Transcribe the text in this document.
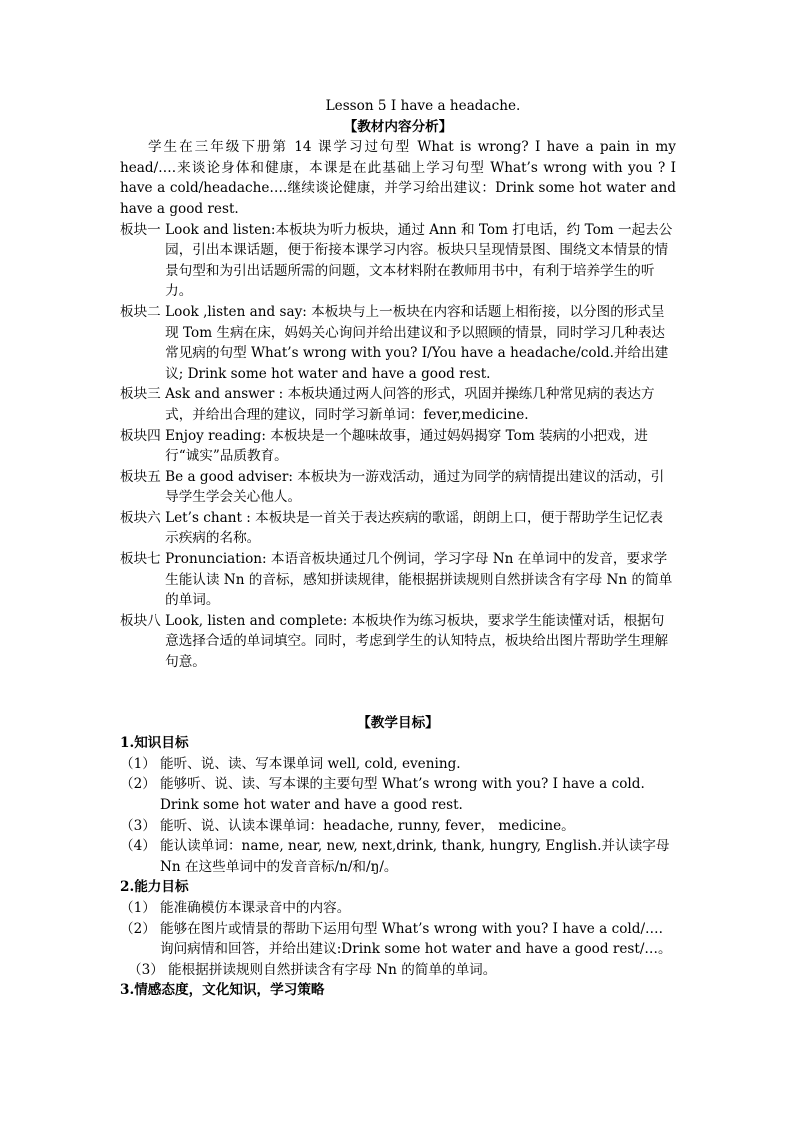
Lesson 5 I have a headache.
【教材内容分析】
学生在三年级下册第 14 课学习过句型 What is wrong? I have a pain in my head/….来谈论身体和健康，本课是在此基础上学习句型 What’s wrong with you ? I have a cold/headache….继续谈论健康，并学习给出建议：Drink some hot water and have a good rest.
板块一 Look and listen:本板块为听力板块，通过 Ann 和 Tom 打电话，约 Tom 一起去公园，引出本课话题，便于衔接本课学习内容。板块只呈现情景图、围绕文本情景的情景句型和为引出话题所需的问题，文本材料附在教师用书中，有利于培养学生的听力。
板块二 Look ,listen and say: 本板块与上一板块在内容和话题上相衔接，以分图的形式呈现 Tom 生病在床，妈妈关心询问并给出建议和予以照顾的情景，同时学习几种表达常见病的句型 What’s wrong with you? I/You have a headache/cold.并给出建议; Drink some hot water and have a good rest.
板块三 Ask and answer : 本板块通过两人问答的形式，巩固并操练几种常见病的表达方式，并给出合理的建议，同时学习新单词：fever,medicine.
板块四 Enjoy reading: 本板块是一个趣味故事，通过妈妈揭穿 Tom 装病的小把戏，进行“诚实”品质教育。
板块五 Be a good adviser: 本板块为一游戏活动，通过为同学的病情提出建议的活动，引导学生学会关心他人。
板块六 Let’s chant : 本板块是一首关于表达疾病的歌谣，朗朗上口，便于帮助学生记忆表示疾病的名称。
板块七 Pronunciation: 本语音板块通过几个例词，学习字母 Nn 在单词中的发音，要求学生能认读 Nn 的音标，感知拼读规律，能根据拼读规则自然拼读含有字母 Nn 的简单的单词。
板块八 Look, listen and complete: 本板块作为练习板块，要求学生能读懂对话，根据句意选择合适的单词填空。同时，考虑到学生的认知特点，板块给出图片帮助学生理解句意。
【教学目标】
1.知识目标
（1） 能听、说、读、写本课单词 well, cold, evening.
（2） 能够听、说、读、写本课的主要句型 What’s wrong with you? I have a cold. Drink some hot water and have a good rest.
（3） 能听、说、认读本课单词：headache, runny, fever， medicine。
（4） 能认读单词：name, near, new, next,drink, thank, hungry, English.并认读字母 Nn 在这些单词中的发音音标/n/和/ŋ/。
2.能力目标
（1） 能准确模仿本课录音中的内容。
（2） 能够在图片或情景的帮助下运用句型 What’s wrong with you? I have a cold/….询问病情和回答，并给出建议:Drink some hot water and have a good rest/…。
（3） 能根据拼读规则自然拼读含有字母 Nn 的简单的单词。
3.情感态度，文化知识，学习策略
